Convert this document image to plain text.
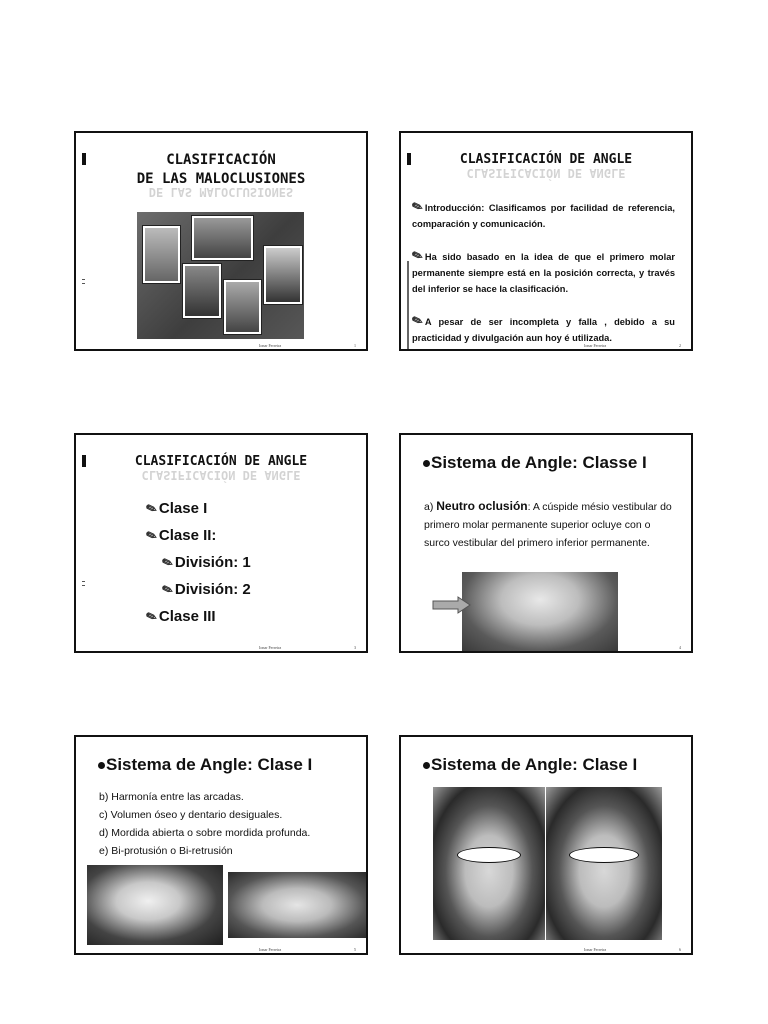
CLASIFICACIÓN
DE LAS MALOCLUSIONES
DE LAS MALOCLUSIONES
Ionar Ferreira	1
CLASIFICACIÓN DE ANGLE
CLASIFICACIÓN DE ANGLE

✎Introducción: Clasificamos por facilidad de referencia, comparación y comunicación.

✎Ha sido basado en la idea de que el primero molar permanente siempre está en la posición correcta, y través del inferior se hace la clasificación.

✎A pesar de ser incompleta y falla , debido a su practicidad y divulgación aun hoy é utilizada.

Ionar Ferreira	2
CLASIFICACIÓN DE ANGLE
CLASIFICACIÓN DE ANGLE
✎Clase I
✎Clase II:
✎División: 1
✎División: 2
✎Clase III
Ionar Ferreira	3
Sistema de Angle: Classe I
a) Neutro oclusión: A cúspide mésio vestibular do primero molar permanente superior ocluye con o surco vestibular del primero inferior permanente.
4
Sistema de Angle: Clase I
b) Harmonía entre las arcadas.
c) Volumen óseo y dentario desiguales.
d) Mordida abierta o sobre mordida profunda.
e) Bi-protusión o Bi-retrusión
Ionar Ferreira	5
Sistema de Angle: Clase I
Ionar Ferreira	6
